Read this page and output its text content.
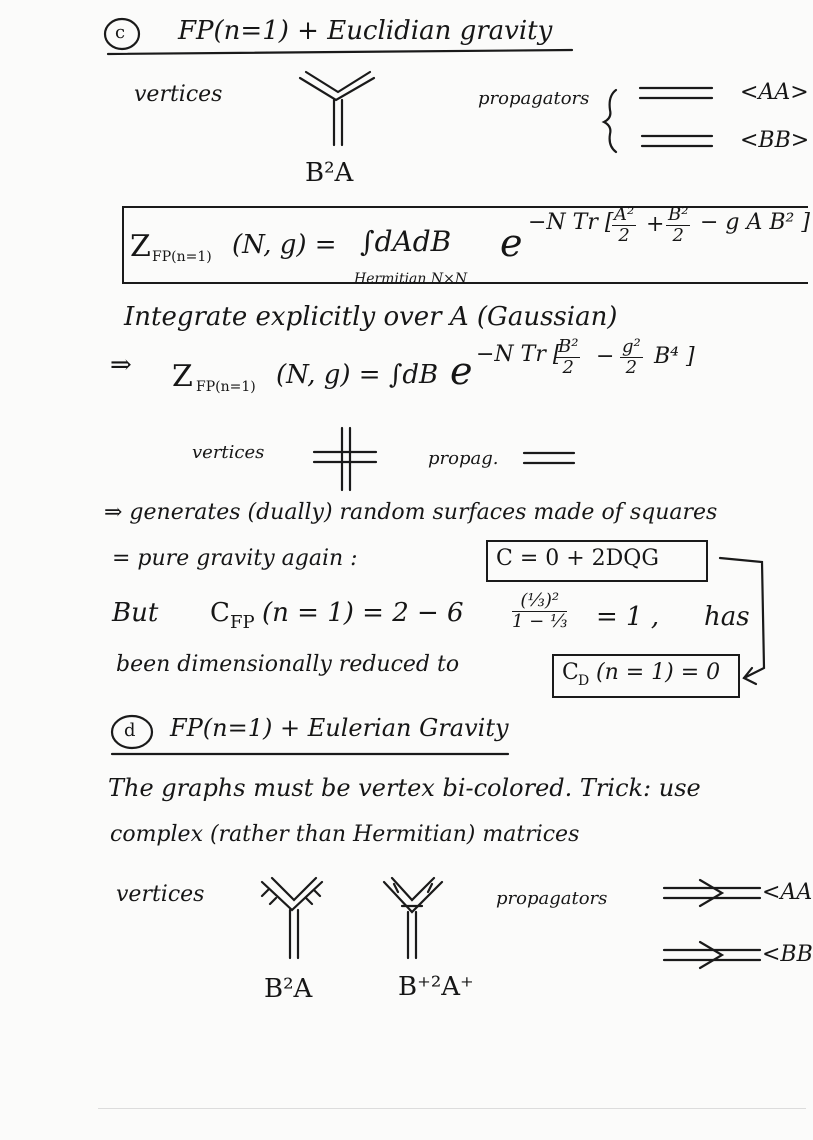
c FP(n=1) + Euclidian gravity
vertices
B²A
propagators	<AA>
<BB>
Z FP(n=1) (N, g) = ∫dAdB
Hermitian N×N
e −N Tr [
$\frac{\text{A²}}{2} + \frac{\text{B²}}{2} - g$ A B² ]
Integrate explicitly over A (Gaussian)
⇒ Z FP(n=1) (N, g) = ∫dB e −N Tr [
$\frac{\text{B²}}{2} - \frac{\text{g²}}{2} B^4$ ]
vertices	propag.
⇒ generates (dually) random surfaces made of squares
= pure gravity again :	C = 0 + 2DQG
But C FP (n = 1) = 2 − 6	(⅓)²
1 − ⅓ = 1 , has
been dimensionally reduced to	C D (n = 1) = 0
d FP(n=1) + Eulerian Gravity
The graphs must be vertex bi-colored. Trick: use
complex (rather than Hermitian) matrices
vertices
B²A	B⁺²A⁺
propagators	<AA
<BB
